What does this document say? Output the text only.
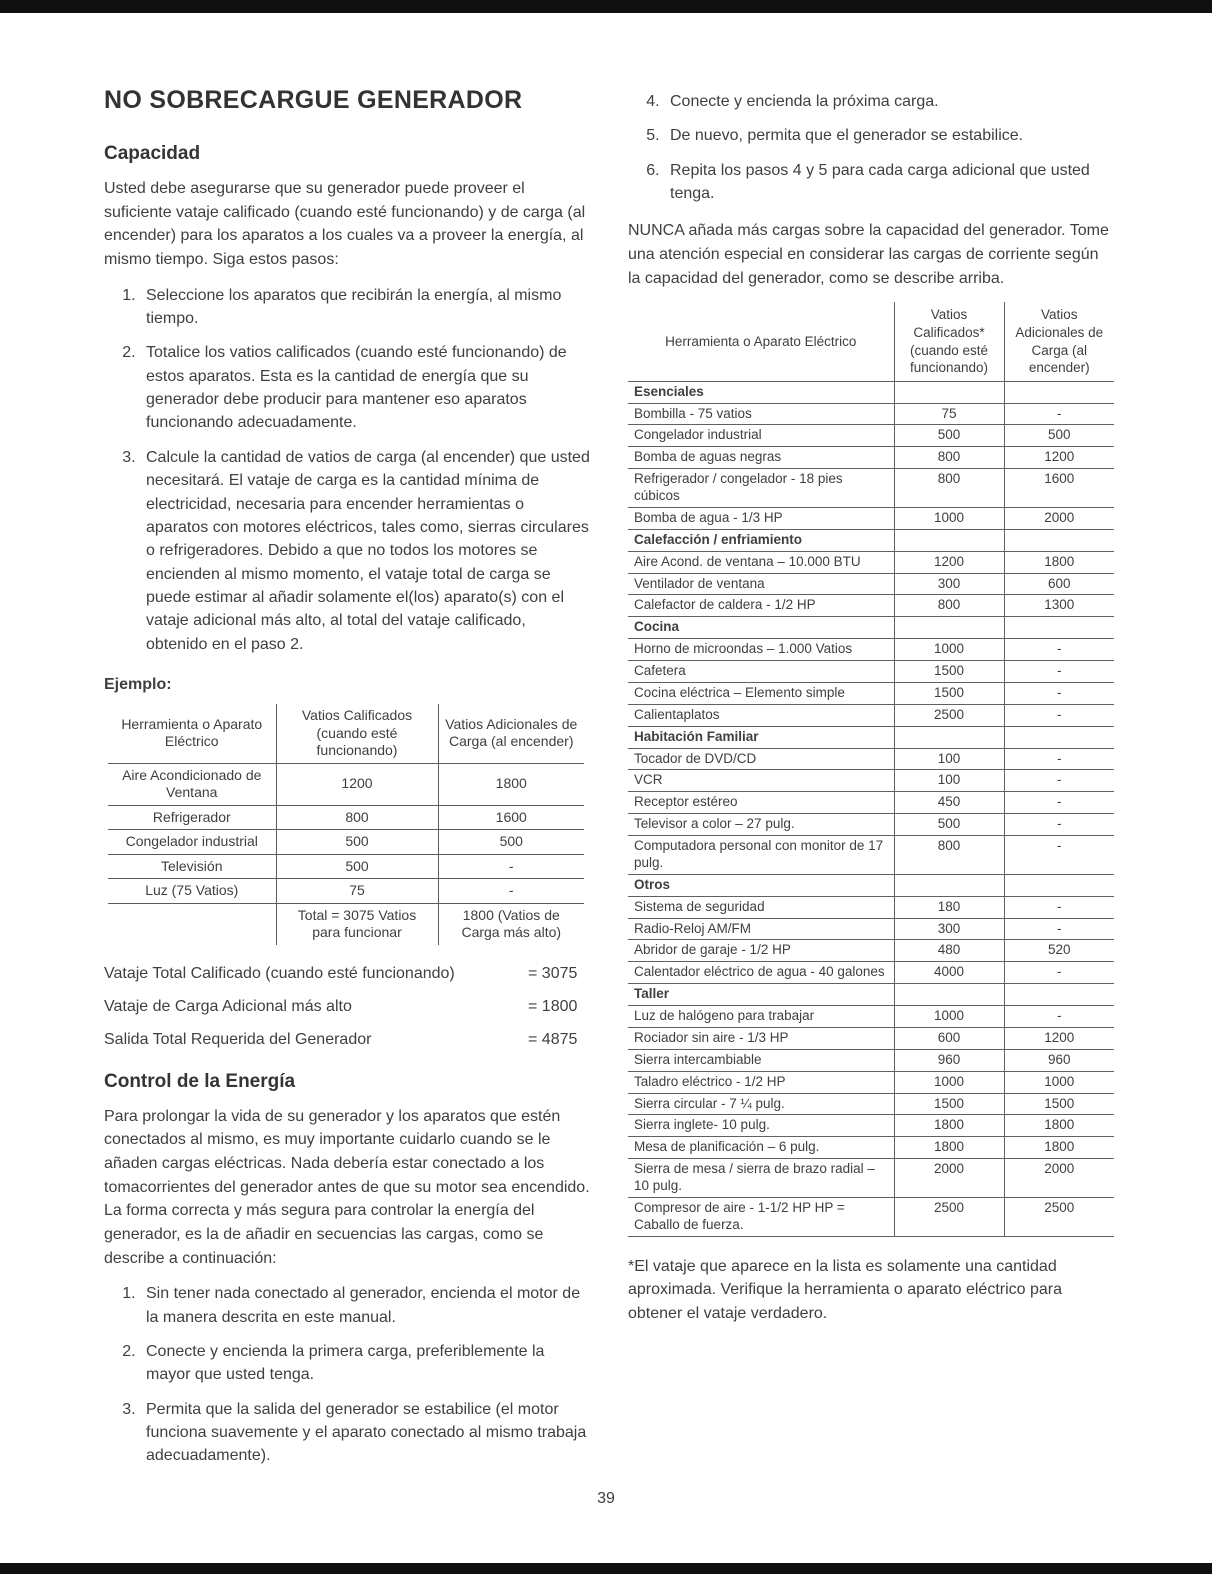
NO SOBRECARGUE GENERADOR
Capacidad

Usted debe asegurarse que su generador puede proveer el suficiente vataje calificado (cuando esté funcionando) y de carga (al encender) para los aparatos a los cuales va a proveer la energía, al mismo tiempo. Siga estos pasos:

1. Seleccione los aparatos que recibirán la energía, al mismo tiempo.
2. Totalice los vatios calificados (cuando esté funcionando) de estos aparatos. Esta es la cantidad de energía que su generador debe producir para mantener eso aparatos funcionando adecuadamente.
3. Calcule la cantidad de vatios de carga (al encender) que usted necesitará. El vataje de carga es la cantidad mínima de electricidad, necesaria para encender herramientas o aparatos con motores eléctricos, tales como, sierras circulares o refrigeradores. Debido a que no todos los motores se encienden al mismo momento, el vataje total de carga se puede estimar al añadir solamente el(los) aparato(s) con el vataje adicional más alto, al total del vataje calificado, obtenido en el paso 2.
Ejemplo:
Herramienta o Aparato Eléctrico	Vatios Calificados (cuando esté funcionando)	Vatios Adicionales de Carga (al encender)
Aire Acondicionado de Ventana	1200	1800
Refrigerador	800	1600
Congelador industrial	500	500
Televisión	500	-
Luz (75 Vatios)	75	-
	Total = 3075 Vatios para funcionar	1800 (Vatios de Carga más alto)
Vataje Total Calificado (cuando esté funcionando)	= 3075
Vataje de Carga Adicional más alto	= 1800
Salida Total Requerida del Generador	= 4875
Control de la Energía

Para prolongar la vida de su generador y los aparatos que estén conectados al mismo, es muy importante cuidarlo cuando se le añaden cargas eléctricas. Nada debería estar conectado a los tomacorrientes del generador antes de que su motor sea encendido. La forma correcta y más segura para controlar la energía del generador, es la de añadir en secuencias las cargas, como se describe a continuación:

1. Sin tener nada conectado al generador, encienda el motor de la manera descrita en este manual.
2. Conecte y encienda la primera carga, preferiblemente la mayor que usted tenga.
3. Permita que la salida del generador se estabilice (el motor funciona suavemente y el aparato conectado al mismo trabaja adecuadamente).
4. Conecte y encienda la próxima carga.
5. De nuevo, permita que el generador se estabilice.
6. Repita los pasos 4 y 5 para cada carga adicional que usted tenga.

NUNCA añada más cargas sobre la capacidad del generador. Tome una atención especial en considerar las cargas de corriente según la capacidad del generador, como se describe arriba.

Herramienta o Aparato Eléctrico	Vatios Calificados* (cuando esté funcionando)	Vatios Adicionales de Carga (al encender)
Esenciales		
Bombilla - 75 vatios	75	-
Congelador industrial	500	500
Bomba de aguas negras	800	1200
Refrigerador / congelador - 18 pies cúbicos	800	1600
Bomba de agua - 1/3 HP	1000	2000
Calefacción / enfriamiento		
Aire Acond. de ventana – 10.000 BTU	1200	1800
Ventilador de ventana	300	600
Calefactor de caldera - 1/2 HP	800	1300
Cocina		
Horno de microondas – 1.000 Vatios	1000	-
Cafetera	1500	-
Cocina eléctrica – Elemento simple	1500	-
Calientaplatos	2500	-
Habitación Familiar		
Tocador de DVD/CD	100	-
VCR	100	-
Receptor estéreo	450	-
Televisor a color – 27 pulg.	500	-
Computadora personal con monitor de 17 pulg.	800	-
Otros		
Sistema de seguridad	180	-
Radio-Reloj AM/FM	300	-
Abridor de garaje - 1/2 HP	480	520
Calentador eléctrico de agua - 40 galones	4000	-
Taller		
Luz de halógeno para trabajar	1000	-
Rociador sin aire - 1/3 HP	600	1200
Sierra intercambiable	960	960
Taladro eléctrico - 1/2 HP	1000	1000
Sierra circular - 7 ¼ pulg.	1500	1500
Sierra inglete- 10 pulg.	1800	1800
Mesa de planificación – 6 pulg.	1800	1800
Sierra de mesa / sierra de brazo radial – 10 pulg.	2000	2000
Compresor de aire - 1-1/2 HP HP = Caballo de fuerza.	2500	2500

*El vataje que aparece en la lista es solamente una cantidad aproximada. Verifique la herramienta o aparato eléctrico para obtener el vataje verdadero.

39
